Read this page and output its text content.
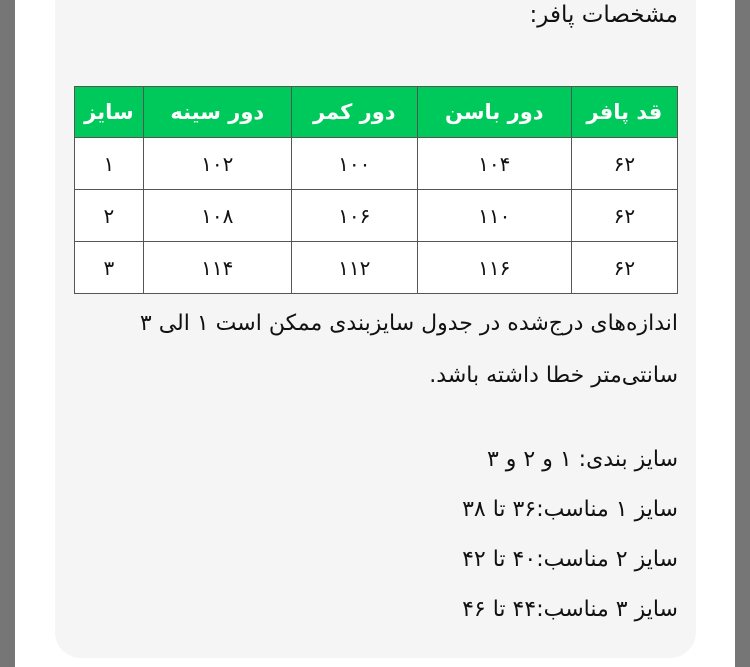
مشخصات پافر:
قد پافر	دور باسن	دور کمر	دور سینه	سایز
۶۲	۱۰۴	۱۰۰	۱۰۲	۱
۶۲	۱۱۰	۱۰۶	۱۰۸	۲
۶۲	۱۱۶	۱۱۲	۱۱۴	۳

اندازه‌های درج‌شده در جدول سایزبندی ممکن است ۱ الی ۳ سانتی‌متر خطا داشته باشد.

سایز بندی: ۱ و ۲ و ۳
سایز ۱ مناسب:۳۶ تا ۳۸
سایز ۲ مناسب:۴۰ تا ۴۲
سایز ۳ مناسب:۴۴ تا ۴۶
